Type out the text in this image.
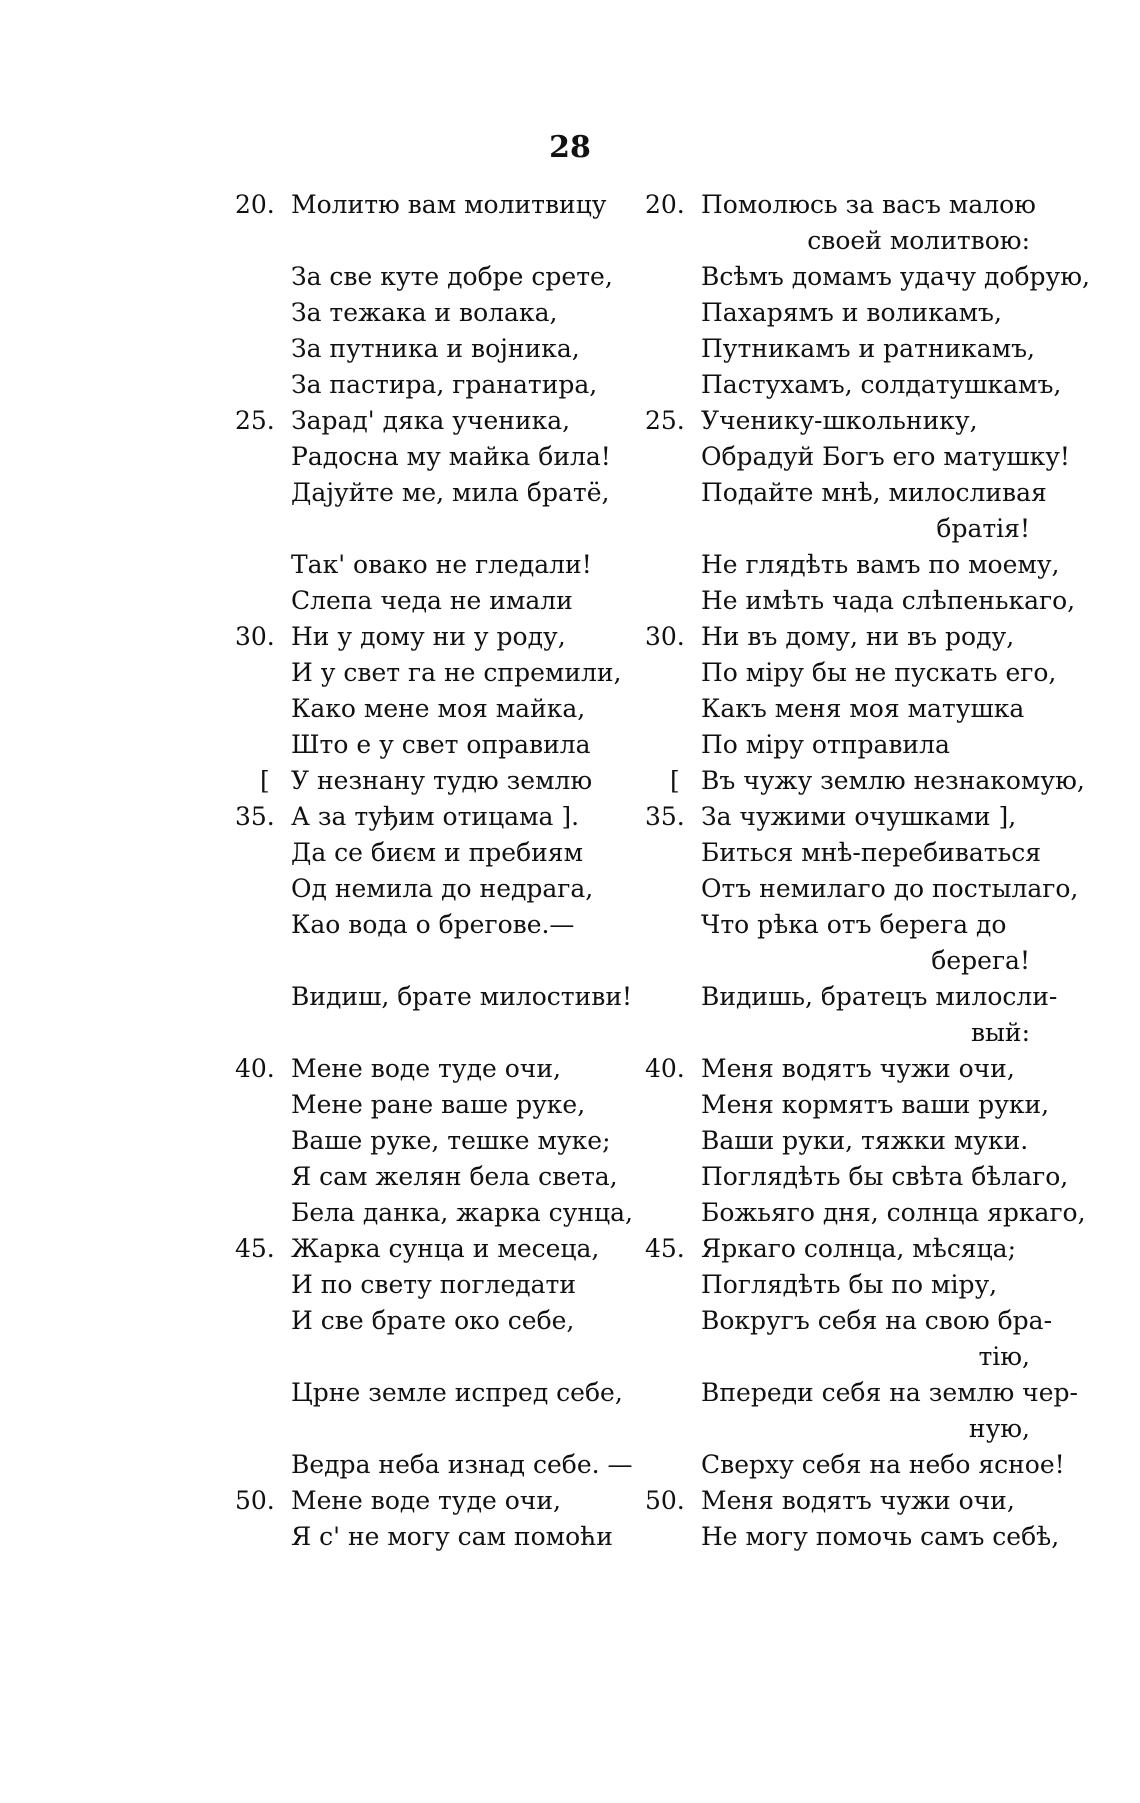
28
20. Молитю вам молитвицу
За све куте добре срете,
За тежака и волака,
За путника и војника,
За пастира, гранатира,
25. Зарад' дяка ученика,
Радосна му майка била!
Дајуйте ме, мила братё,
Так' овако не гледали!
Слепа чеда не имали
30. Ни у дому ни у роду,
И у свет га не спремили,
Како мене моя майка,
Што е у свет оправила
[ У незнану тудю землю
35. А за туђим отицама ].
Да се биєм и пребиям
Од немила до недрага,
Као вода о брегове.—
Видиш, брате милостиви!
40. Мене воде туде очи,
Мене ране ваше руке,
Ваше руке, тешке муке;
Я сам желян бела света,
Бела данка, жарка сунца,
45. Жарка сунца и месеца,
И по свету погледати
И све брате око себе,
Црне земле испред себе,
Ведра неба изнад себе. —
50. Мене воде туде очи,
Я с' не могу сам помоћи
20. Помолюсь за васъ малою
своей молитвою:
Всѣмъ домамъ удачу добрую,
Пахарямъ и воликамъ,
Путникамъ и ратникамъ,
Пастухамъ, солдатушкамъ,
25. Ученику-школьнику,
Обрадуй Богъ его матушку!
Подайте мнѣ, милосливая
братія!
Не глядѣть вамъ по моему,
Не имѣть чада слѣпенькаго,
30. Ни въ дому, ни въ роду,
По міру бы не пускать его,
Какъ меня моя матушка
По міру отправила
[ Въ чужу землю незнакомую,
35. За чужими очушками ],
Биться мнѣ-перебиваться
Отъ немилаго до постылаго,
Что рѣка отъ берега до
берега!
Видишь, братецъ милосли-
вый:
40. Меня водятъ чужи очи,
Меня кормятъ ваши руки,
Ваши руки, тяжки муки.
Поглядѣть бы свѣта бѣлаго,
Божьяго дня, солнца яркаго,
45. Яркаго солнца, мѣсяца;
Поглядѣть бы по міру,
Вокругъ себя на свою бра-
тію,
Впереди себя на землю чер-
ную,
Сверху себя на небо ясное!
50. Меня водятъ чужи очи,
Не могу помочь самъ себѣ,
